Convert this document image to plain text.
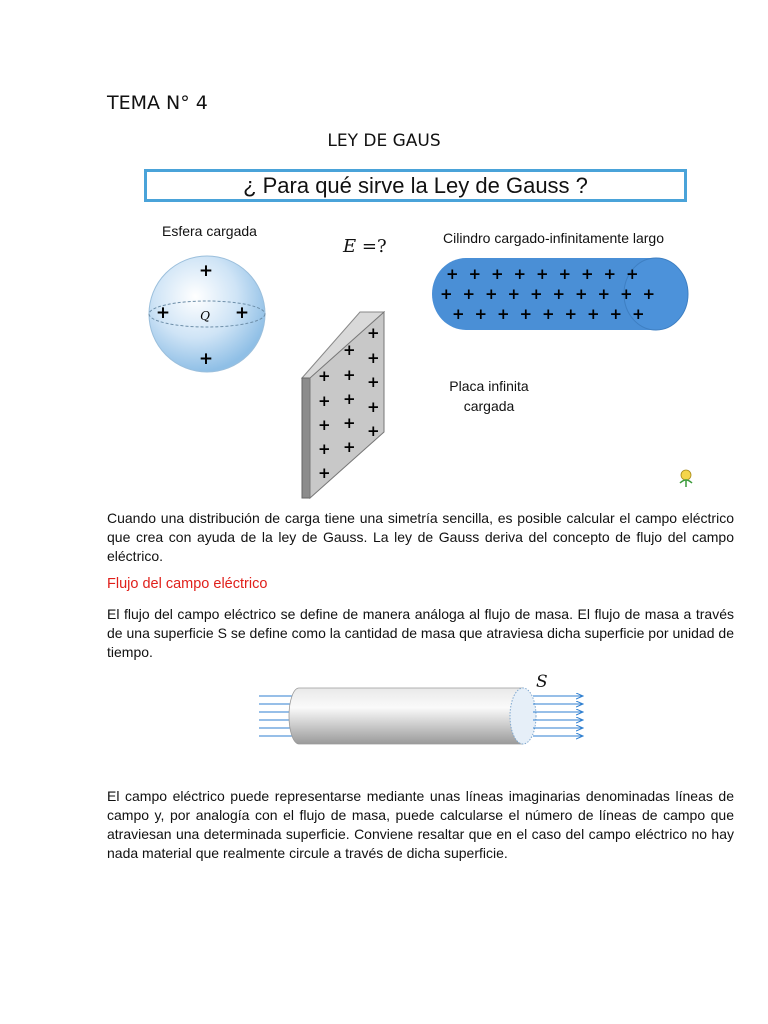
TEMA N° 4
LEY DE GAUS
¿ Para qué sirve la Ley de Gauss ?
Esfera cargada
+
+	+
+
Q
E =?	Cilindro cargado-infinitamente largo
+ + + + + + + + +
+ + + + + + + + + +
+ + + + + + + + +
+
+ +
+ + +
+ + +
+ + +
+ +
+
Placa infinita
cargada
Cuando una distribución de carga tiene una simetría sencilla, es posible calcular el campo eléctrico que crea con ayuda de la ley de Gauss. La ley de Gauss deriva del concepto de flujo del campo eléctrico.
Flujo del campo eléctrico
El flujo del campo eléctrico se define de manera análoga al flujo de masa. El flujo de masa a través de una superficie S se define como la cantidad de masa que atraviesa dicha superficie por unidad de tiempo.
S
El campo eléctrico puede representarse mediante unas líneas imaginarias denominadas líneas de campo y, por analogía con el flujo de masa, puede calcularse el número de líneas de campo que atraviesan una determinada superficie. Conviene resaltar que en el caso del campo eléctrico no hay nada material que realmente circule a través de dicha superficie.
